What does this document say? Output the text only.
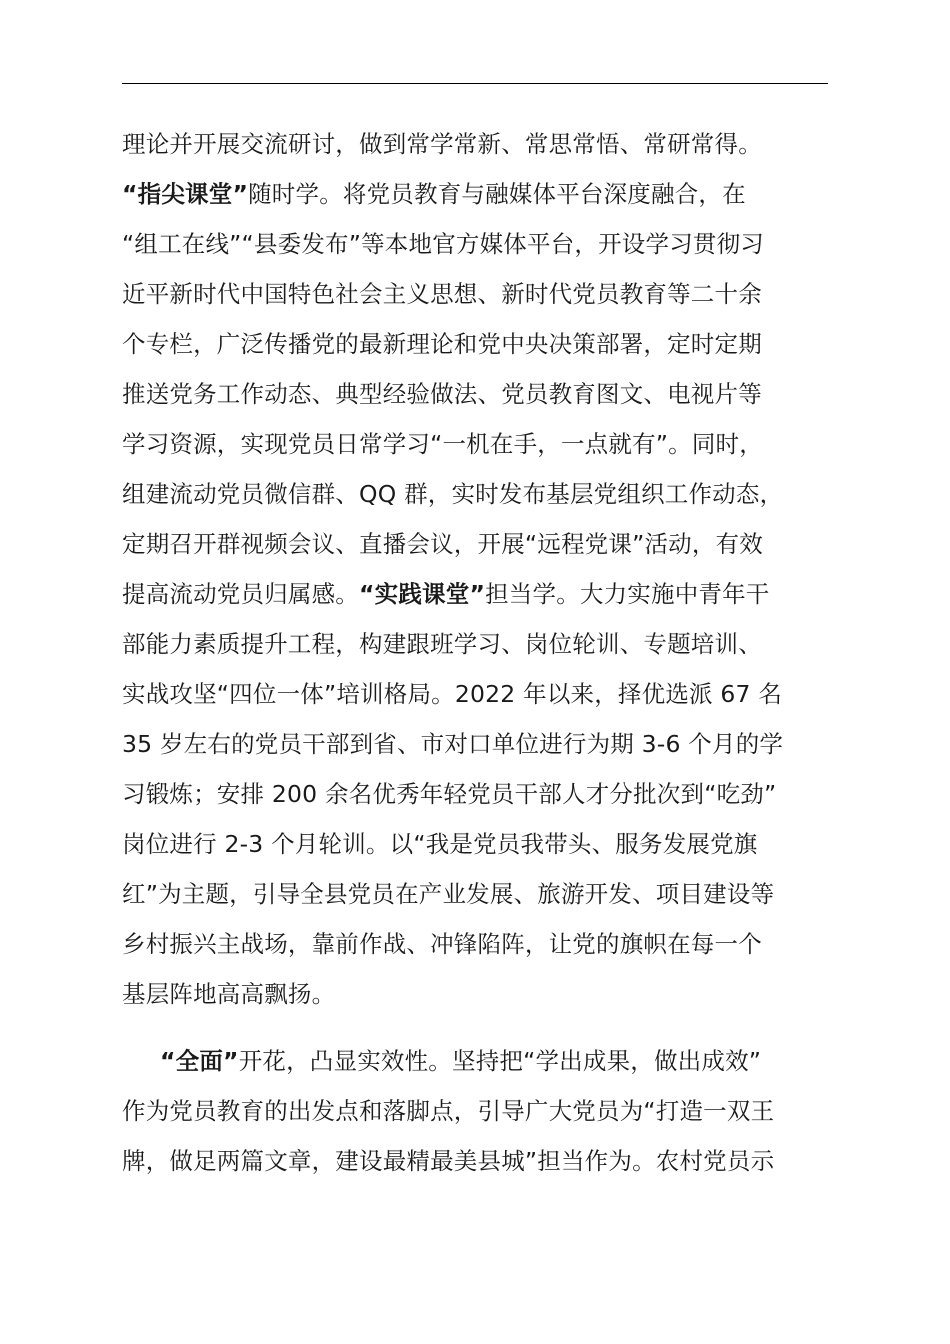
理论并开展交流研讨，做到常学常新、常思常悟、常研常得。
“指尖课堂”随时学。将党员教育与融媒体平台深度融合，在
“组工在线”“县委发布”等本地官方媒体平台，开设学习贯彻习
近平新时代中国特色社会主义思想、新时代党员教育等二十余
个专栏，广泛传播党的最新理论和党中央决策部署，定时定期
推送党务工作动态、典型经验做法、党员教育图文、电视片等
学习资源，实现党员日常学习“一机在手，一点就有”。同时，
组建流动党员微信群、QQ 群，实时发布基层党组织工作动态，
定期召开群视频会议、直播会议，开展“远程党课”活动，有效
提高流动党员归属感。“实践课堂”担当学。大力实施中青年干
部能力素质提升工程，构建跟班学习、岗位轮训、专题培训、
实战攻坚“四位一体”培训格局。2022 年以来，择优选派 67 名
35 岁左右的党员干部到省、市对口单位进行为期 3-6 个月的学
习锻炼；安排 200 余名优秀年轻党员干部人才分批次到“吃劲”
岗位进行 2-3 个月轮训。以“我是党员我带头、服务发展党旗
红”为主题，引导全县党员在产业发展、旅游开发、项目建设等
乡村振兴主战场，靠前作战、冲锋陷阵，让党的旗帜在每一个
基层阵地高高飘扬。
“全面”开花，凸显实效性。坚持把“学出成果，做出成效”
作为党员教育的出发点和落脚点，引导广大党员为“打造一双王
牌，做足两篇文章，建设最精最美县城”担当作为。农村党员示
